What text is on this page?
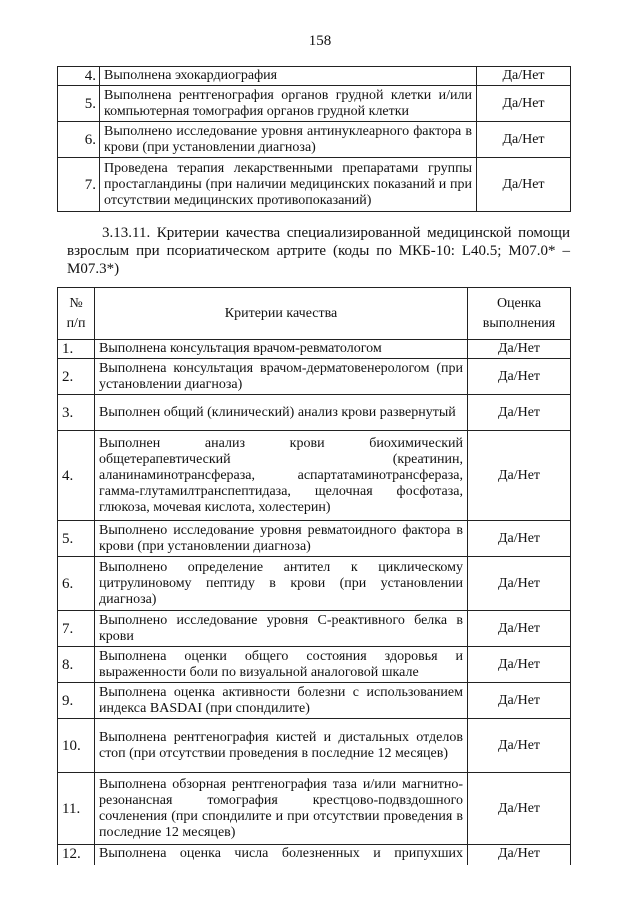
158
4.	Выполнена эхокардиография	Да/Нет
5.	Выполнена рентгенография органов грудной клетки и/или компьютерная томография органов грудной клетки	Да/Нет
6.	Выполнено исследование уровня антинуклеарного фактора в крови (при установлении диагноза)	Да/Нет
7.	Проведена терапия лекарственными препаратами группы простагландины (при наличии медицинских показаний и при отсутствии медицинских противопоказаний)	Да/Нет
3.13.11. Критерии качества специализированной медицинской помощи взрослым при псориатическом артрите (коды по МКБ-10: L40.5; M07.0* – M07.3*)
№ п/п	Критерии качества	Оценка выполнения
1.	Выполнена консультация врачом-ревматологом	Да/Нет
2.	Выполнена консультация врачом-дерматовенерологом (при установлении диагноза)	Да/Нет
3.	Выполнен общий (клинический) анализ крови развернутый	Да/Нет
4.	Выполнен анализ крови биохимический общетерапевтический (креатинин, аланинаминотрансфераза, аспартатаминотрансфераза, гамма-глутамилтранспептидаза, щелочная фосфотаза, глюкоза, мочевая кислота, холестерин)	Да/Нет
5.	Выполнено исследование уровня ревматоидного фактора в крови (при установлении диагноза)	Да/Нет
6.	Выполнено определение антител к циклическому цитрулиновому пептиду в крови (при установлении диагноза)	Да/Нет
7.	Выполнено исследование уровня С-реактивного белка в крови	Да/Нет
8.	Выполнена оценки общего состояния здоровья и выраженности боли по визуальной аналоговой шкале	Да/Нет
9.	Выполнена оценка активности болезни с использованием индекса BASDAI (при спондилите)	Да/Нет
10.	Выполнена рентгенография кистей и дистальных отделов стоп (при отсутствии проведения в последние 12 месяцев)	Да/Нет
11.	Выполнена обзорная рентгенография таза и/или магнитно-резонансная томография крестцово-подвздошного сочленения (при спондилите и при отсутствии проведения в последние 12 месяцев)	Да/Нет
12.	Выполнена оценка числа болезненных и припухших	Да/Нет
